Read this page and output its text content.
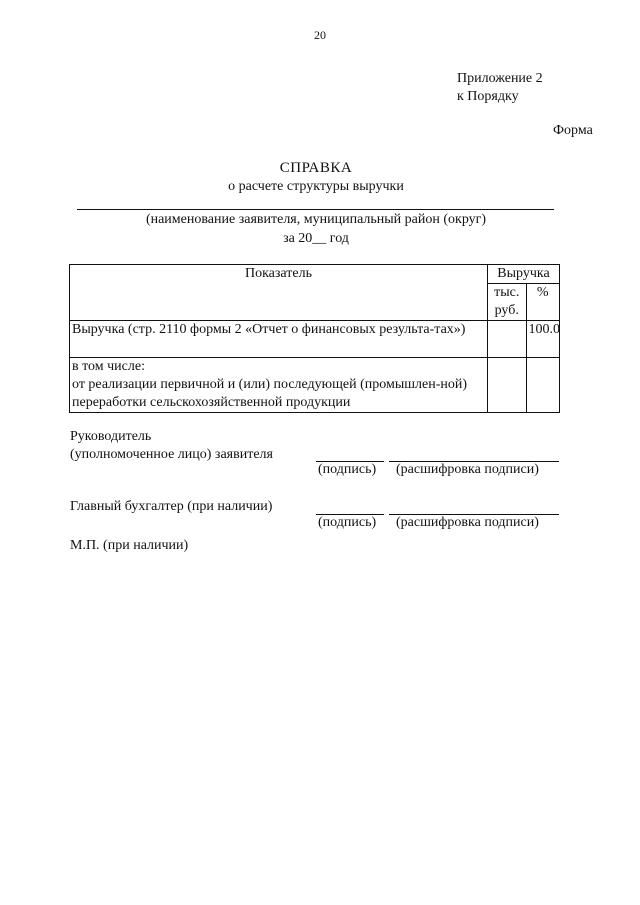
20
Приложение 2
к Порядку
Форма
СПРАВКА
о расчете структуры выручки
(наименование заявителя, муниципальный район (округ)
за 20__ год
Показатель	Выручка	
	тыс. руб.	%
Выручка (стр. 2110 формы 2 «Отчет о финансовых результа-тах»)		100.0
в том числе:
от реализации первичной и (или) последующей (промышлен-ной) переработки сельскохозяйственной продукции		
Руководитель
(уполномоченное лицо) заявителя
(подпись) (расшифровка подписи)
Главный бухгалтер (при наличии)
(подпись) (расшифровка подписи)
М.П. (при наличии)
